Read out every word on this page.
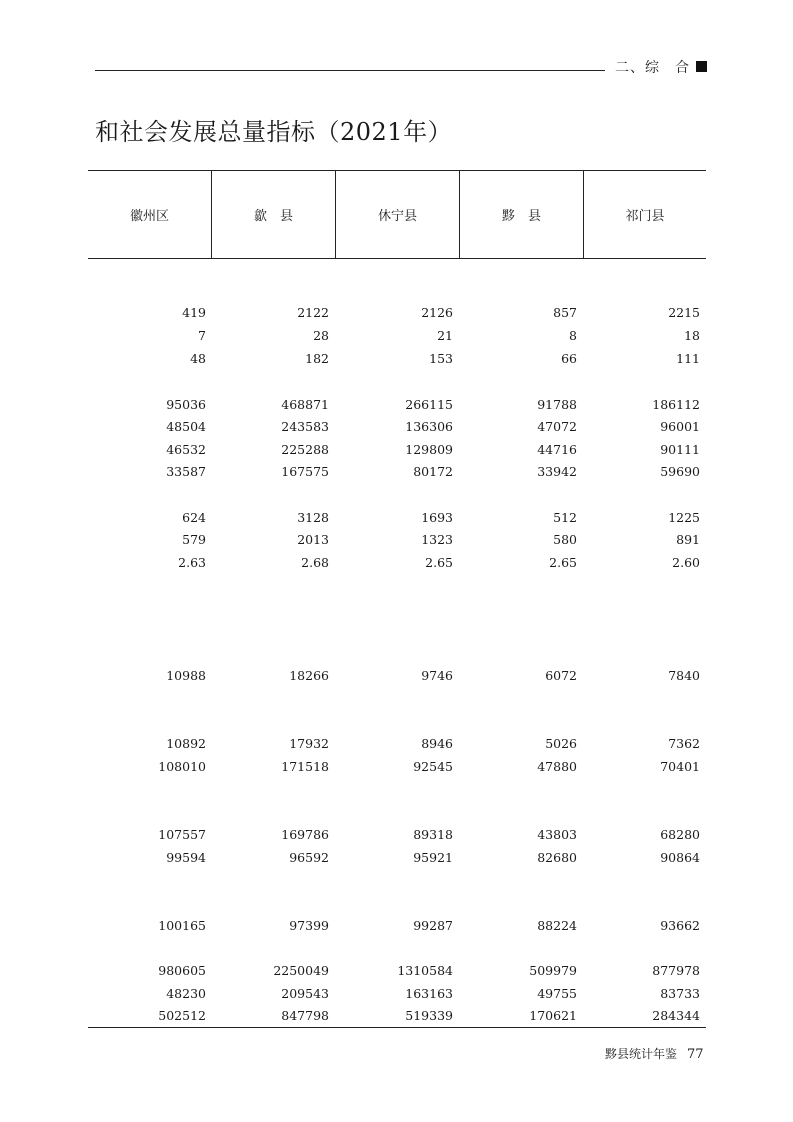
二、综　合
和社会发展总量指标（2021年）
徽州区	歙　县	休宁县	黟　县	祁门县
419	2122	2126	857	2215
7	28	21	8	18
48	182	153	66	111
95036	468871	266115	91788	186112
48504	243583	136306	47072	96001
46532	225288	129809	44716	90111
33587	167575	80172	33942	59690
624	3128	1693	512	1225
579	2013	1323	580	891
2.63	2.68	2.65	2.65	2.60
10988	18266	9746	6072	7840
10892	17932	8946	5026	7362
108010	171518	92545	47880	70401
107557	169786	89318	43803	68280
99594	96592	95921	82680	90864
100165	97399	99287	88224	93662
980605	2250049	1310584	509979	877978
48230	209543	163163	49755	83733
502512	847798	519339	170621	284344
黟县统计年鉴 77
